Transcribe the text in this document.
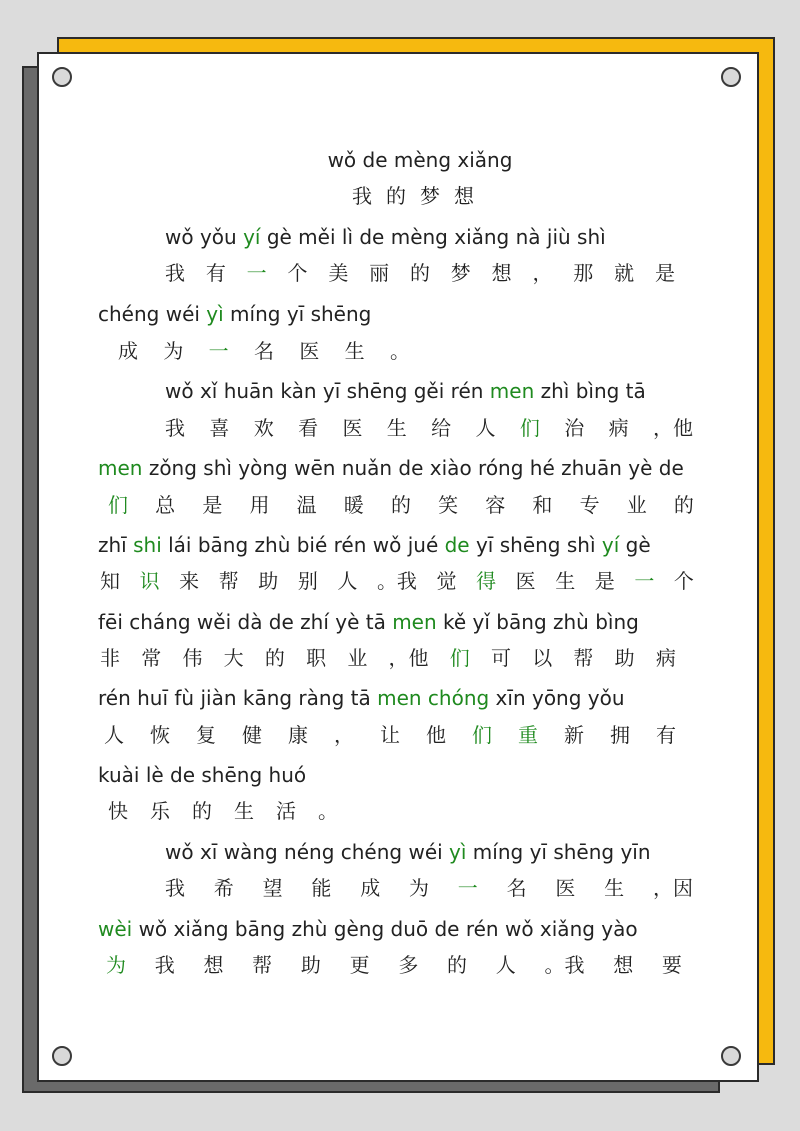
wǒ de mèng xiǎng
我的梦想
wǒ yǒu yí gè měi lì de mèng xiǎng nà jiù shì
我 有 一 个 美 丽 的 梦 想 ， 那 就 是
chéng wéi yì míng yī shēng
成 为 一 名 医 生 。
wǒ xǐ huān kàn yī shēng gěi rén men zhì bìng tā
我 喜 欢 看 医 生 给 人 们 治 病 ，他
men zǒng shì yòng wēn nuǎn de xiào róng hé zhuān yè de
们 总 是 用 温 暖 的 笑 容 和 专 业 的
zhī shi lái bāng zhù bié rén wǒ jué de yī shēng shì yí gè
知 识 来 帮 助 别 人 。我 觉 得 医 生 是 一 个
fēi cháng wěi dà de zhí yè tā men kě yǐ bāng zhù bìng
非 常 伟 大 的 职 业 ，他 们 可 以 帮 助 病
rén huī fù jiàn kāng ràng tā men chóng xīn yōng yǒu
人 恢 复 健 康 ， 让 他 们 重 新 拥 有
kuài lè de shēng huó
快 乐 的 生 活 。
wǒ xī wàng néng chéng wéi yì míng yī shēng yīn
我 希 望 能 成 为 一 名 医 生 ，因
wèi wǒ xiǎng bāng zhù gèng duō de rén wǒ xiǎng yào
为 我 想 帮 助 更 多 的 人 。我 想 要
